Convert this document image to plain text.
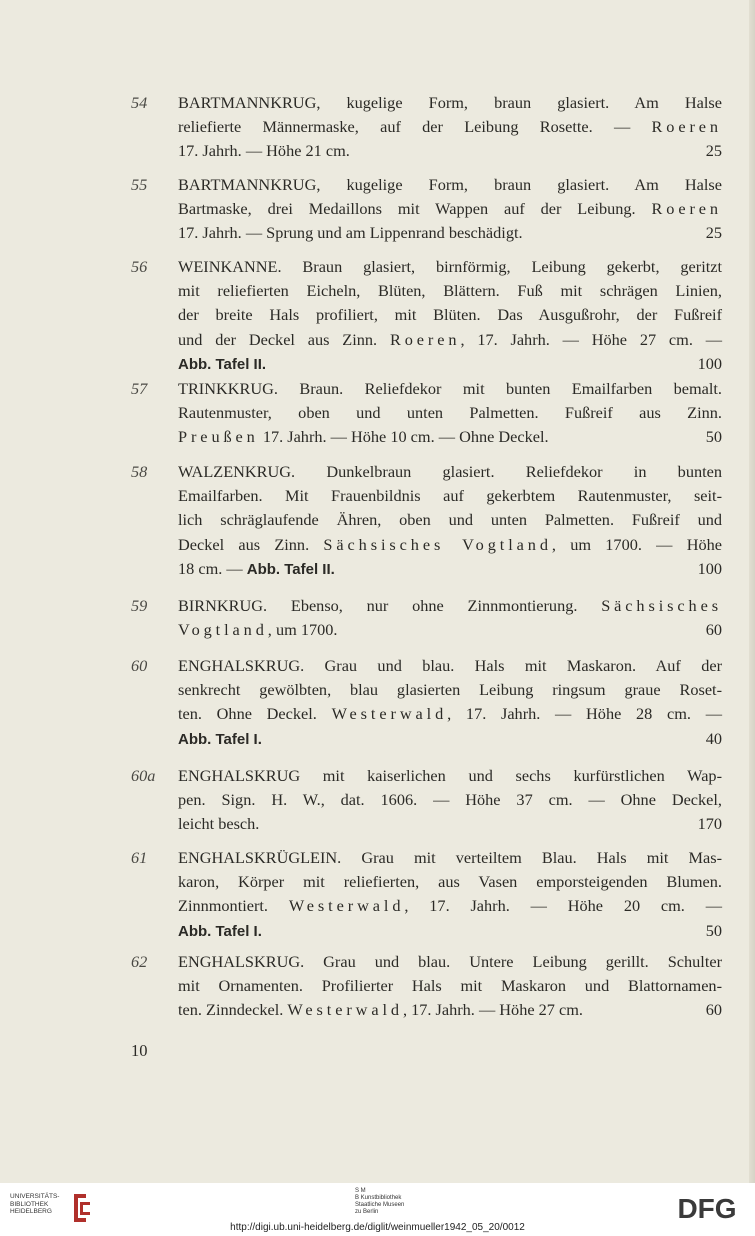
54 BARTMANNKRUG, kugelige Form, braun glasiert. Am Halse
reliefierte Männermaske, auf der Leibung Rosette. — Roeren
17. Jahrh. — Höhe 21 cm.	25
55 BARTMANNKRUG, kugelige Form, braun glasiert. Am Halse
Bartmaske, drei Medaillons mit Wappen auf der Leibung. Roeren
17. Jahrh. — Sprung und am Lippenrand beschädigt.	25
56 WEINKANNE. Braun glasiert, birnförmig, Leibung gekerbt, geritzt
mit reliefierten Eicheln, Blüten, Blättern. Fuß mit schrägen Linien,
der breite Hals profiliert, mit Blüten. Das Ausgußrohr, der Fußreif
und der Deckel aus Zinn. Roeren, 17. Jahrh. — Höhe 27 cm. —
Abb. Tafel II.	100
57 TRINKKRUG. Braun. Reliefdekor mit bunten Emailfarben bemalt.
Rautenmuster, oben und unten Palmetten. Fußreif aus Zinn.
Preußen 17. Jahrh. — Höhe 10 cm. — Ohne Deckel.	50
58 WALZENKRUG. Dunkelbraun glasiert. Reliefdekor in bunten
Emailfarben. Mit Frauenbildnis auf gekerbtem Rautenmuster, seit-
lich schräglaufende Ähren, oben und unten Palmetten. Fußreif und
Deckel aus Zinn. Sächsisches Vogtland, um 1700. — Höhe
18 cm. — Abb. Tafel II.	100
59 BIRNKRUG. Ebenso, nur ohne Zinnmontierung. Sächsisches
Vogtland, um 1700.	60
60 ENGHALSKRUG. Grau und blau. Hals mit Maskaron. Auf der
senkrecht gewölbten, blau glasierten Leibung ringsum graue Roset-
ten. Ohne Deckel. Westerwald, 17. Jahrh. — Höhe 28 cm. —
Abb. Tafel I.	40
60a ENGHALSKRUG mit kaiserlichen und sechs kurfürstlichen Wap-
pen. Sign. H. W., dat. 1606. — Höhe 37 cm. — Ohne Deckel,
leicht besch.	170
61 ENGHALSKRÜGLEIN. Grau mit verteiltem Blau. Hals mit Mas-
karon, Körper mit reliefierten, aus Vasen emporsteigenden Blumen.
Zinnmontiert. Westerwald, 17. Jahrh. — Höhe 20 cm. —
Abb. Tafel I.	50
62 ENGHALSKRUG. Grau und blau. Untere Leibung gerillt. Schulter
mit Ornamenten. Profilierter Hals mit Maskaron und Blattornamen-
ten. Zinndeckel. Westerwald, 17. Jahrh. — Höhe 27 cm.	60
10
UNIVERSITÄTS-
BIBLIOTHEK
HEIDELBERG
S M
B Kunstbibliothek
Staatliche Museen
zu Berlin	DFG
http://digi.ub.uni-heidelberg.de/diglit/weinmueller1942_05_20/0012
